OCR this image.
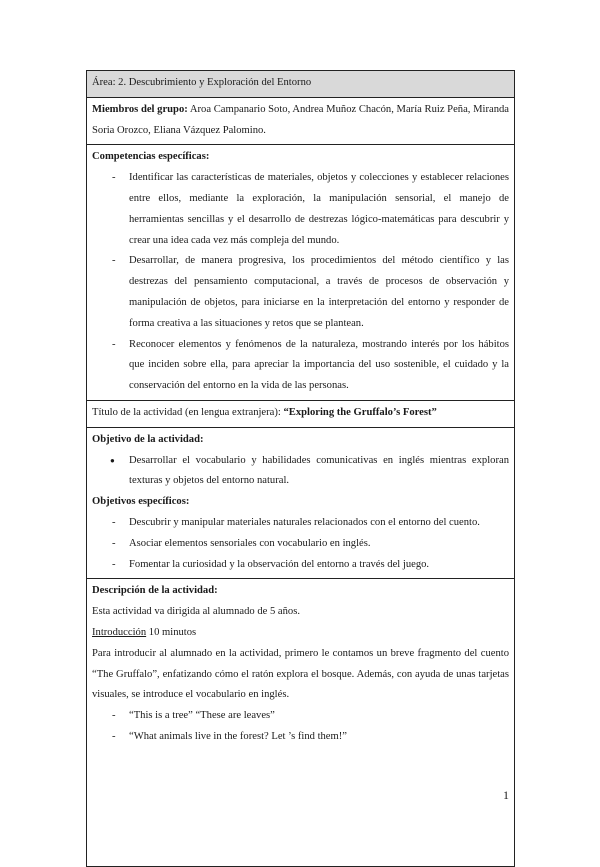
Área: 2. Descubrimiento y Exploración del Entorno
Miembros del grupo: Aroa Campanario Soto, Andrea Muñoz Chacón, María Ruiz Peña, Miranda Soria Orozco, Eliana Vázquez Palomino.
Competencias específicas:
- Identificar las características de materiales, objetos y colecciones y establecer relaciones entre ellos, mediante la exploración, la manipulación sensorial, el manejo de herramientas sencillas y el desarrollo de destrezas lógico-matemáticas para descubrir y crear una idea cada vez más compleja del mundo.
- Desarrollar, de manera progresiva, los procedimientos del método científico y las destrezas del pensamiento computacional, a través de procesos de observación y manipulación de objetos, para iniciarse en la interpretación del entorno y responder de forma creativa a las situaciones y retos que se plantean.
- Reconocer elementos y fenómenos de la naturaleza, mostrando interés por los hábitos que inciden sobre ella, para apreciar la importancia del uso sostenible, el cuidado y la conservación del entorno en la vida de las personas.
Título de la actividad (en lengua extranjera): “Exploring the Gruffalo’s Forest”
Objetivo de la actividad:
● Desarrollar el vocabulario y habilidades comunicativas en inglés mientras exploran texturas y objetos del entorno natural.
Objetivos específicos:
- Descubrir y manipular materiales naturales relacionados con el entorno del cuento.
- Asociar elementos sensoriales con vocabulario en inglés.
- Fomentar la curiosidad y la observación del entorno a través del juego.
Descripción de la actividad:
Esta actividad va dirigida al alumnado de 5 años.
Introducción 10 minutos
Para introducir al alumnado en la actividad, primero le contamos un breve fragmento del cuento “The Gruffalo”, enfatizando cómo el ratón explora el bosque. Además, con ayuda de unas tarjetas visuales, se introduce el vocabulario en inglés.
- “This is a tree” “These are leaves”
- “What animals live in the forest? Let ’s find them!”
1
